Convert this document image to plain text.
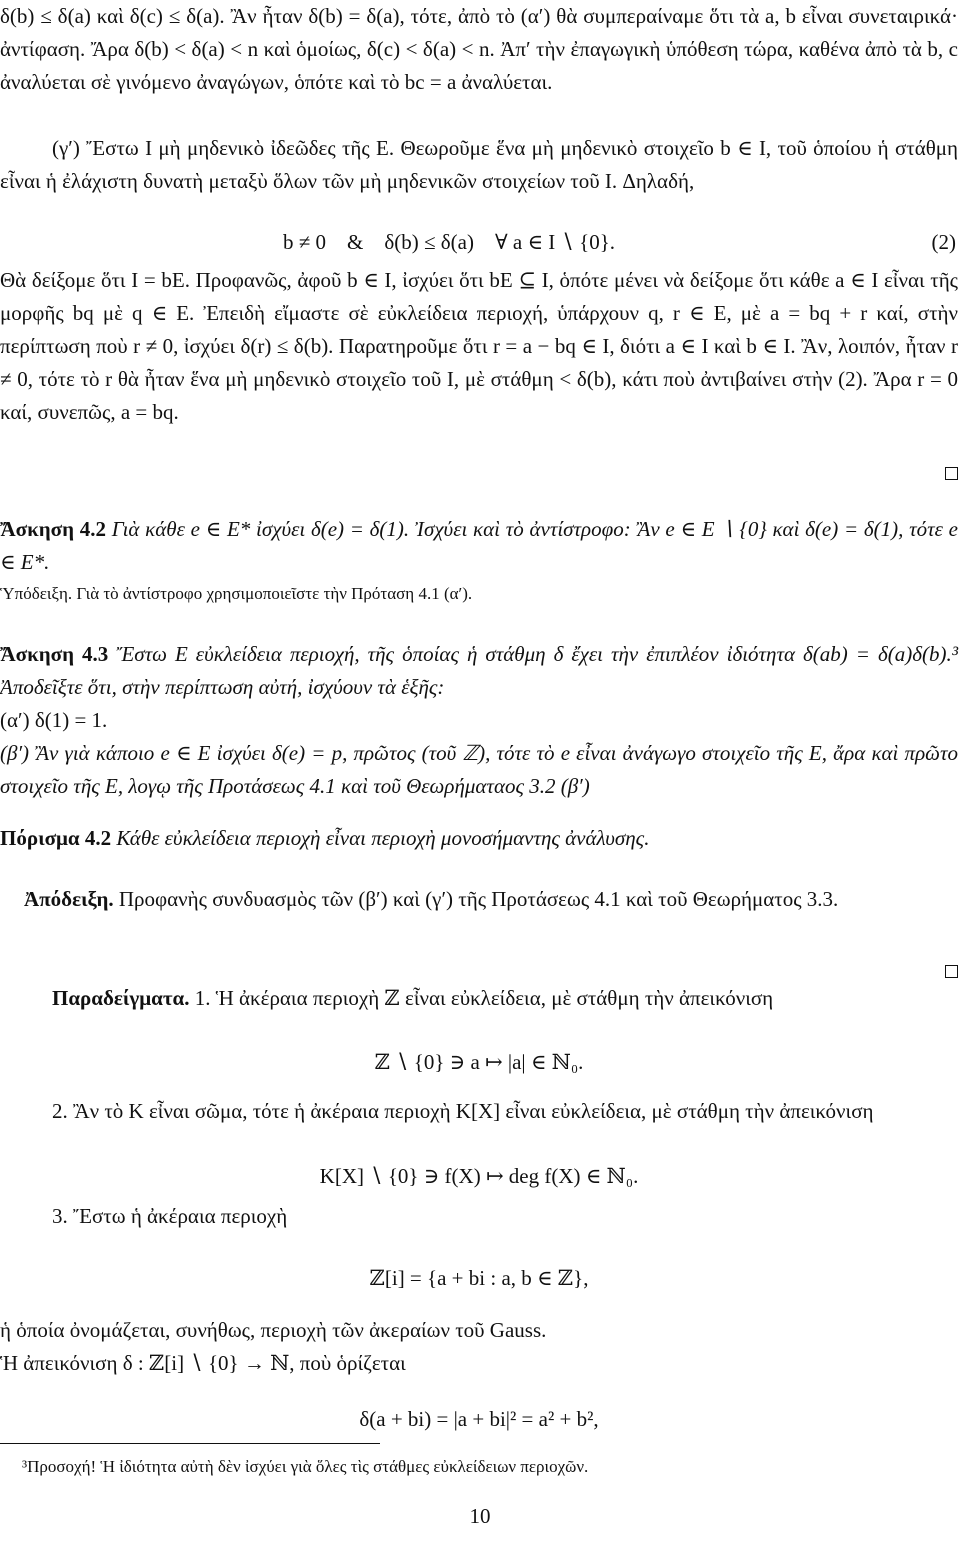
δ(b) ≤ δ(a) καὶ δ(c) ≤ δ(a). Ἂν ἦταν δ(b) = δ(a), τότε, ἀπὸ τὸ (α′) θὰ συμπεραίναμε ὅτι τὰ a, b εἶναι συνεταιρικά· ἀντίφαση. Ἄρα δ(b) < δ(a) < n καὶ ὁμοίως, δ(c) < δ(a) < n. Ἀπ′ τὴν ἐπαγωγικὴ ὑπόθεση τώρα, καθένα ἀπὸ τὰ b, c ἀναλύεται σὲ γινόμενο ἀναγώγων, ὁπότε καὶ τὸ bc = a ἀναλύεται.

(γ′) Ἔστω I μὴ μηδενικὸ ἰδεῶδες τῆς E. Θεωροῦμε ἕνα μὴ μηδενικὸ στοιχεῖο b ∈ I, τοῦ ὁποίου ἡ στάθμη εἶναι ἡ ἐλάχιστη δυνατὴ μεταξὺ ὅλων τῶν μὴ μηδενικῶν στοιχείων τοῦ I. Δηλαδή,

b ≠ 0    &    δ(b) ≤ δ(a)    ∀ a ∈ I ∖ {0}.	(2)

Θὰ δείξομε ὅτι I = bE. Προφανῶς, ἀφοῦ b ∈ I, ἰσχύει ὅτι bE ⊆ I, ὁπότε μένει νὰ δείξομε ὅτι κάθε a ∈ I εἶναι τῆς μορφῆς bq μὲ q ∈ E. Ἐπειδὴ εἴμαστε σὲ εὐκλείδεια περιοχή, ὑπάρχουν q, r ∈ E, μὲ a = bq + r καί, στὴν περίπτωση ποὺ r ≠ 0, ἰσχύει δ(r) ≤ δ(b). Παρατηροῦμε ὅτι r = a − bq ∈ I, διότι a ∈ I καὶ b ∈ I. Ἂν, λοιπόν, ἦταν r ≠ 0, τότε τὸ r θὰ ἦταν ἕνα μὴ μηδενικὸ στοιχεῖο τοῦ I, μὲ στάθμη < δ(b), κάτι ποὺ ἀντιβαίνει στὴν (2). Ἄρα r = 0 καί, συνεπῶς, a = bq.

Ἄσκηση 4.2 Γιὰ κάθε e ∈ E* ἰσχύει δ(e) = δ(1). Ἰσχύει καὶ τὸ ἀντίστροφο: Ἂν e ∈ E ∖ {0} καὶ δ(e) = δ(1), τότε e ∈ E*.

Ὑπόδειξη. Γιὰ τὸ ἀντίστροφο χρησιμοποιεῖστε τὴν Πρόταση 4.1 (α′).

Ἄσκηση 4.3 Ἔστω E εὐκλείδεια περιοχή, τῆς ὁποίας ἡ στάθμη δ ἔχει τὴν ἐπιπλέον ἰδιότητα δ(ab) = δ(a)δ(b).³ Ἀποδεῖξτε ὅτι, στὴν περίπτωση αὐτή, ἰσχύουν τὰ ἑξῆς:

(α′) δ(1) = 1.

(β′) Ἂν γιὰ κάποιο e ∈ E ἰσχύει δ(e) = p, πρῶτος (τοῦ ℤ), τότε τὸ e εἶναι ἀνάγωγο στοιχεῖο τῆς E, ἄρα καὶ πρῶτο στοιχεῖο τῆς E, λογῳ τῆς Προτάσεως 4.1 καὶ τοῦ Θεωρήματαος 3.2 (β′)

Πόρισμα 4.2 Κάθε εὐκλείδεια περιοχὴ εἶναι περιοχὴ μονοσήμαντης ἀνάλυσης.

Ἀπόδειξη. Προφανὴς συνδυασμὸς τῶν (β′) καὶ (γ′) τῆς Προτάσεως 4.1 καὶ τοῦ Θεωρήματος 3.3.

Παραδείγματα. 1. Ἡ ἀκέραια περιοχὴ ℤ εἶναι εὐκλείδεια, μὲ στάθμη τὴν ἀπεικόνιση

ℤ ∖ {0} ∋ a ↦ |a| ∈ ℕ₀.

2. Ἂν τὸ K εἶναι σῶμα, τότε ἡ ἀκέραια περιοχὴ K[X] εἶναι εὐκλείδεια, μὲ στάθμη τὴν ἀπεικόνιση

K[X] ∖ {0} ∋ f(X) ↦ deg f(X) ∈ ℕ₀.

3. Ἔστω ἡ ἀκέραια περιοχὴ

ℤ[i] = {a + bi : a, b ∈ ℤ},

ἡ ὁποία ὀνομάζεται, συνήθως, περιοχὴ τῶν ἀκεραίων τοῦ Gauss.

Ἡ ἀπεικόνιση δ : ℤ[i] ∖ {0} → ℕ, ποὺ ὁρίζεται

δ(a + bi) = |a + bi|² = a² + b²,
³Προσοχή! Ἡ ἰδιότητα αὐτὴ δὲν ἰσχύει γιὰ ὅλες τὶς στάθμες εὐκλείδειων περιοχῶν.
10
